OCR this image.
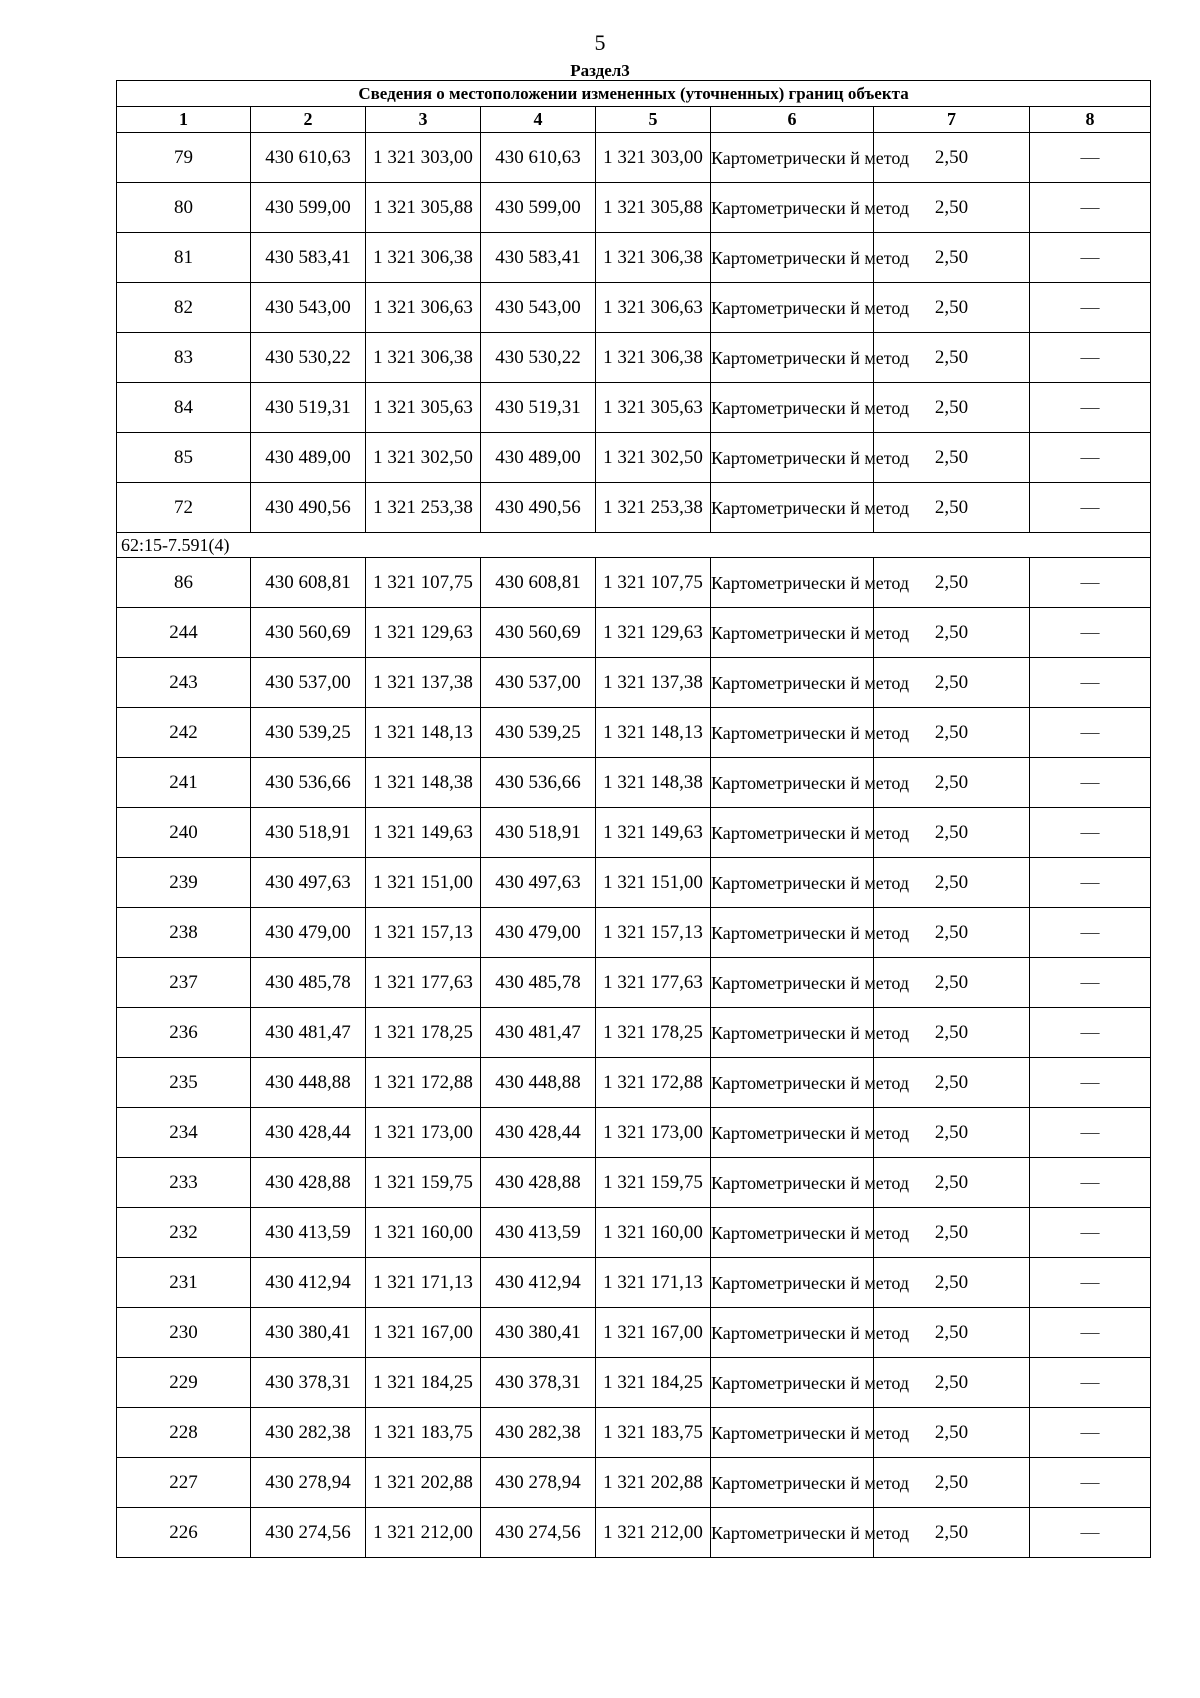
5
Раздел3
Сведения о местоположении измененных (уточненных) границ объекта							
1	2	3	4	5	6	7	8
79	430 610,63	1 321 303,00	430 610,63	1 321 303,00	Картометрически й метод	2,50	—
80	430 599,00	1 321 305,88	430 599,00	1 321 305,88	Картометрически й метод	2,50	—
81	430 583,41	1 321 306,38	430 583,41	1 321 306,38	Картометрически й метод	2,50	—
82	430 543,00	1 321 306,63	430 543,00	1 321 306,63	Картометрически й метод	2,50	—
83	430 530,22	1 321 306,38	430 530,22	1 321 306,38	Картометрически й метод	2,50	—
84	430 519,31	1 321 305,63	430 519,31	1 321 305,63	Картометрически й метод	2,50	—
85	430 489,00	1 321 302,50	430 489,00	1 321 302,50	Картометрически й метод	2,50	—
72	430 490,56	1 321 253,38	430 490,56	1 321 253,38	Картометрически й метод	2,50	—
62:15-7.591(4)							
86	430 608,81	1 321 107,75	430 608,81	1 321 107,75	Картометрически й метод	2,50	—
244	430 560,69	1 321 129,63	430 560,69	1 321 129,63	Картометрически й метод	2,50	—
243	430 537,00	1 321 137,38	430 537,00	1 321 137,38	Картометрически й метод	2,50	—
242	430 539,25	1 321 148,13	430 539,25	1 321 148,13	Картометрически й метод	2,50	—
241	430 536,66	1 321 148,38	430 536,66	1 321 148,38	Картометрически й метод	2,50	—
240	430 518,91	1 321 149,63	430 518,91	1 321 149,63	Картометрически й метод	2,50	—
239	430 497,63	1 321 151,00	430 497,63	1 321 151,00	Картометрически й метод	2,50	—
238	430 479,00	1 321 157,13	430 479,00	1 321 157,13	Картометрически й метод	2,50	—
237	430 485,78	1 321 177,63	430 485,78	1 321 177,63	Картометрически й метод	2,50	—
236	430 481,47	1 321 178,25	430 481,47	1 321 178,25	Картометрически й метод	2,50	—
235	430 448,88	1 321 172,88	430 448,88	1 321 172,88	Картометрически й метод	2,50	—
234	430 428,44	1 321 173,00	430 428,44	1 321 173,00	Картометрически й метод	2,50	—
233	430 428,88	1 321 159,75	430 428,88	1 321 159,75	Картометрически й метод	2,50	—
232	430 413,59	1 321 160,00	430 413,59	1 321 160,00	Картометрически й метод	2,50	—
231	430 412,94	1 321 171,13	430 412,94	1 321 171,13	Картометрически й метод	2,50	—
230	430 380,41	1 321 167,00	430 380,41	1 321 167,00	Картометрически й метод	2,50	—
229	430 378,31	1 321 184,25	430 378,31	1 321 184,25	Картометрически й метод	2,50	—
228	430 282,38	1 321 183,75	430 282,38	1 321 183,75	Картометрически й метод	2,50	—
227	430 278,94	1 321 202,88	430 278,94	1 321 202,88	Картометрически й метод	2,50	—
226	430 274,56	1 321 212,00	430 274,56	1 321 212,00	Картометрически й метод	2,50	—
